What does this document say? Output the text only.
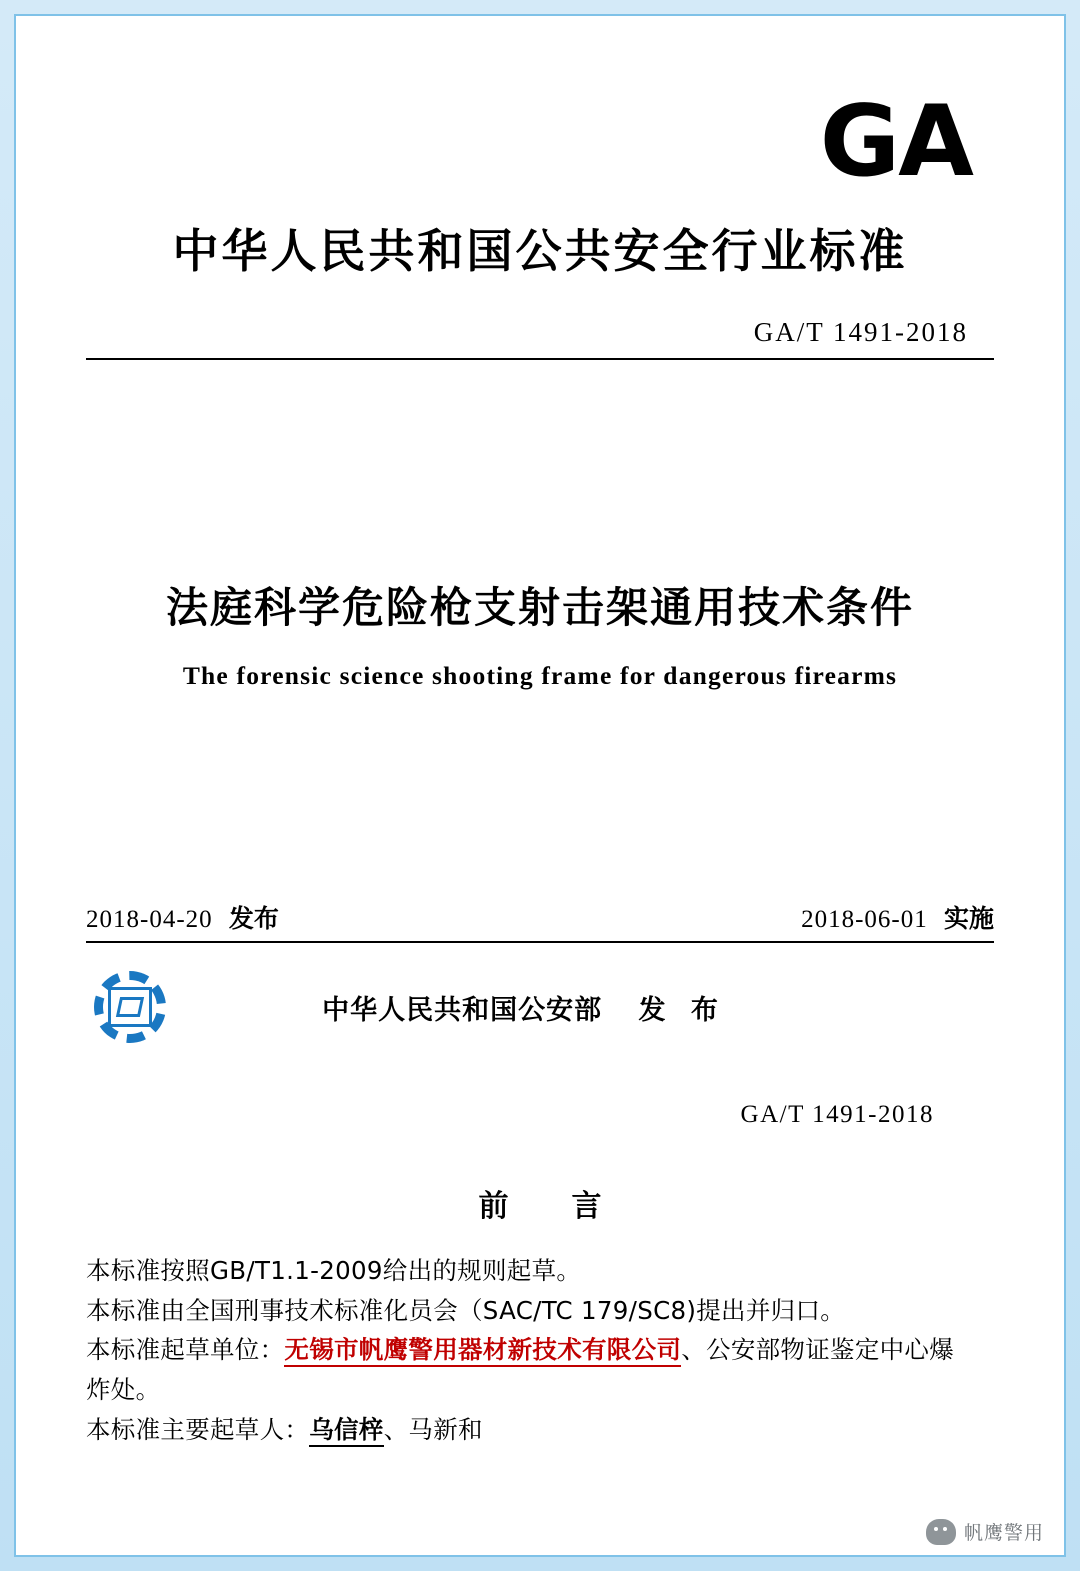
GA
中华人民共和国公共安全行业标准
GA/T 1491-2018
法庭科学危险枪支射击架通用技术条件
The forensic science shooting frame for dangerous firearms
2018-04-20 发布	2018-06-01 实施
中华人民共和国公安部 发 布
GA/T 1491-2018
前 言

本标准按照GB/T1.1-2009给出的规则起草。

本标准由全国刑事技术标准化员会（SAC/TC 179/SC8)提出并归口。

本标准起草单位：无锡市帆鹰警用器材新技术有限公司、公安部物证鉴定中心爆

炸处。

本标准主要起草人：乌信梓、马新和

帆鹰警用
